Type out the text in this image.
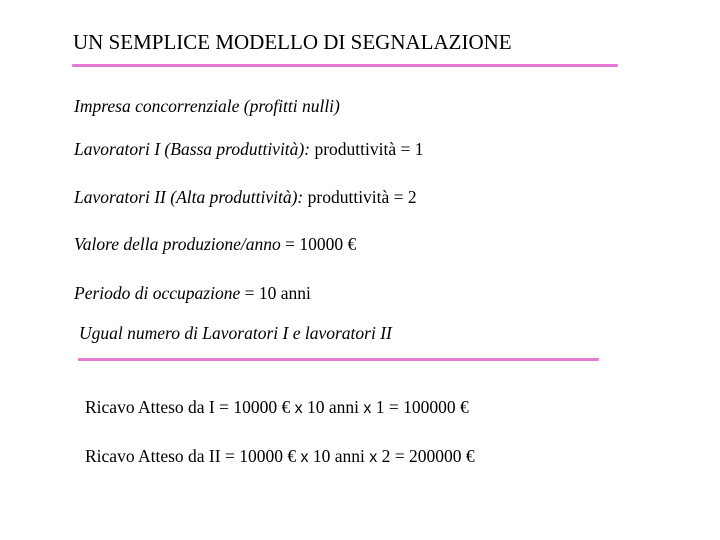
UN SEMPLICE MODELLO DI SEGNALAZIONE
Impresa concorrenziale (profitti nulli)
Lavoratori I (Bassa produttività): produttività = 1
Lavoratori II (Alta produttività): produttività = 2
Valore della produzione/anno = 10000 €
Periodo di occupazione = 10 anni
Ugual numero di Lavoratori I e lavoratori II
Ricavo Atteso da I = 10000 € x 10 anni x 1 = 100000 €
Ricavo Atteso da II = 10000 € x 10 anni x 2 = 200000 €
